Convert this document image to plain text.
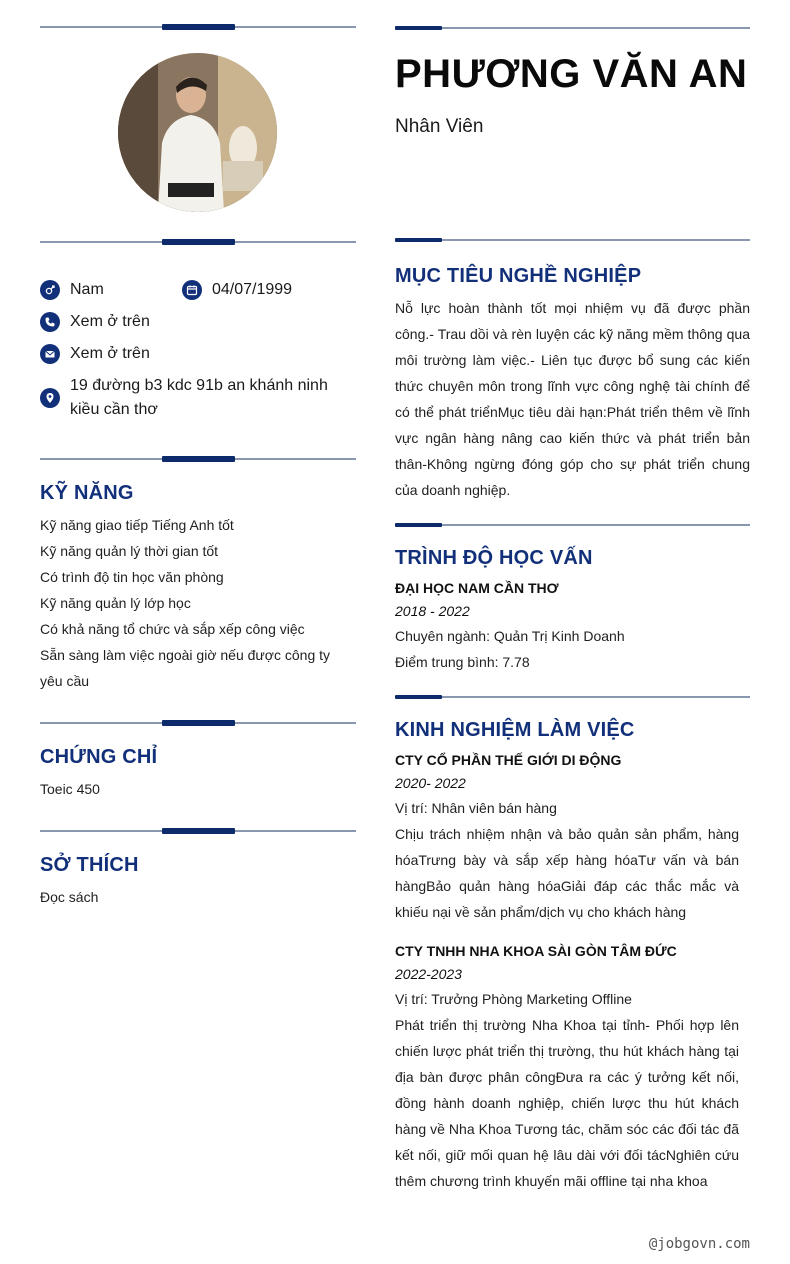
Nam	04/07/1999
Xem ở trên
Xem ở trên
19 đường b3 kdc 91b an khánh ninh kiều cần thơ
KỸ NĂNG
Kỹ năng giao tiếp Tiếng Anh tốt
Kỹ năng quản lý thời gian tốt
Có trình độ tin học văn phòng
Kỹ năng quản lý lớp học
Có khả năng tổ chức và sắp xếp công việc
Sẵn sàng làm việc ngoài giờ nếu được công ty yêu cầu
CHỨNG CHỈ
Toeic 450
SỞ THÍCH
Đọc sách
PHƯƠNG VĂN AN
Nhân Viên
MỤC TIÊU NGHỀ NGHIỆP
Nỗ lực hoàn thành tốt mọi nhiệm vụ đã được phần công.- Trau dồi và rèn luyện các kỹ năng mềm thông qua môi trường làm việc.- Liên tục được bổ sung các kiến thức chuyên môn trong lĩnh vực công nghệ tài chính để có thể phát triểnMục tiêu dài hạn:Phát triển thêm về lĩnh vực ngân hàng nâng cao kiến thức và phát triển bản thân-Không ngừng đóng góp cho sự phát triển chung của doanh nghiệp.
TRÌNH ĐỘ HỌC VẤN
ĐẠI HỌC NAM CẦN THƠ
2018 - 2022
Chuyên ngành: Quản Trị Kinh Doanh
Điểm trung bình: 7.78
KINH NGHIỆM LÀM VIỆC
CTY CỔ PHẦN THẾ GIỚI DI ĐỘNG
2020- 2022
Vị trí: Nhân viên bán hàng
Chịu trách nhiệm nhận và bảo quản sản phẩm, hàng hóaTrưng bày và sắp xếp hàng hóaTư vấn và bán hàngBảo quản hàng hóaGiải đáp các thắc mắc và khiếu nại về sản phẩm/dịch vụ cho khách hàng
CTY TNHH NHA KHOA SÀI GÒN TÂM ĐỨC
2022-2023
Vị trí: Trưởng Phòng Marketing Offline
Phát triển thị trường Nha Khoa tại tỉnh- Phối hợp lên chiến lược phát triển thị trường, thu hút khách hàng tại địa bàn được phân côngĐưa ra các ý tưởng kết nối, đồng hành doanh nghiệp, chiến lược thu hút khách hàng về Nha Khoa Tương tác, chăm sóc các đối tác đã kết nối, giữ mối quan hệ lâu dài với đối tácNghiên cứu thêm chương trình khuyến mãi offline tại nha khoa
@jobgovn.com
